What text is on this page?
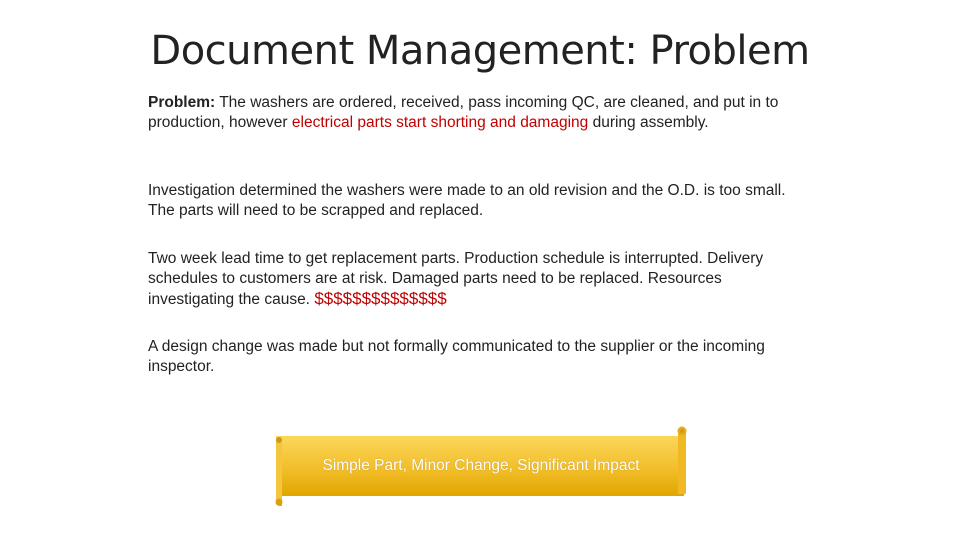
Document Management: Problem

Problem: The washers are ordered, received, pass incoming QC, are cleaned, and put in to production, however electrical parts start shorting and damaging during assembly.

Investigation determined the washers were made to an old revision and the O.D. is too small. The parts will need to be scrapped and replaced.

Two week lead time to get replacement parts. Production schedule is interrupted. Delivery schedules to customers are at risk. Damaged parts need to be replaced. Resources investigating the cause. $$$$$$$$$$$$$$

A design change was made but not formally communicated to the supplier or the incoming inspector.

Simple Part, Minor Change, Significant Impact
